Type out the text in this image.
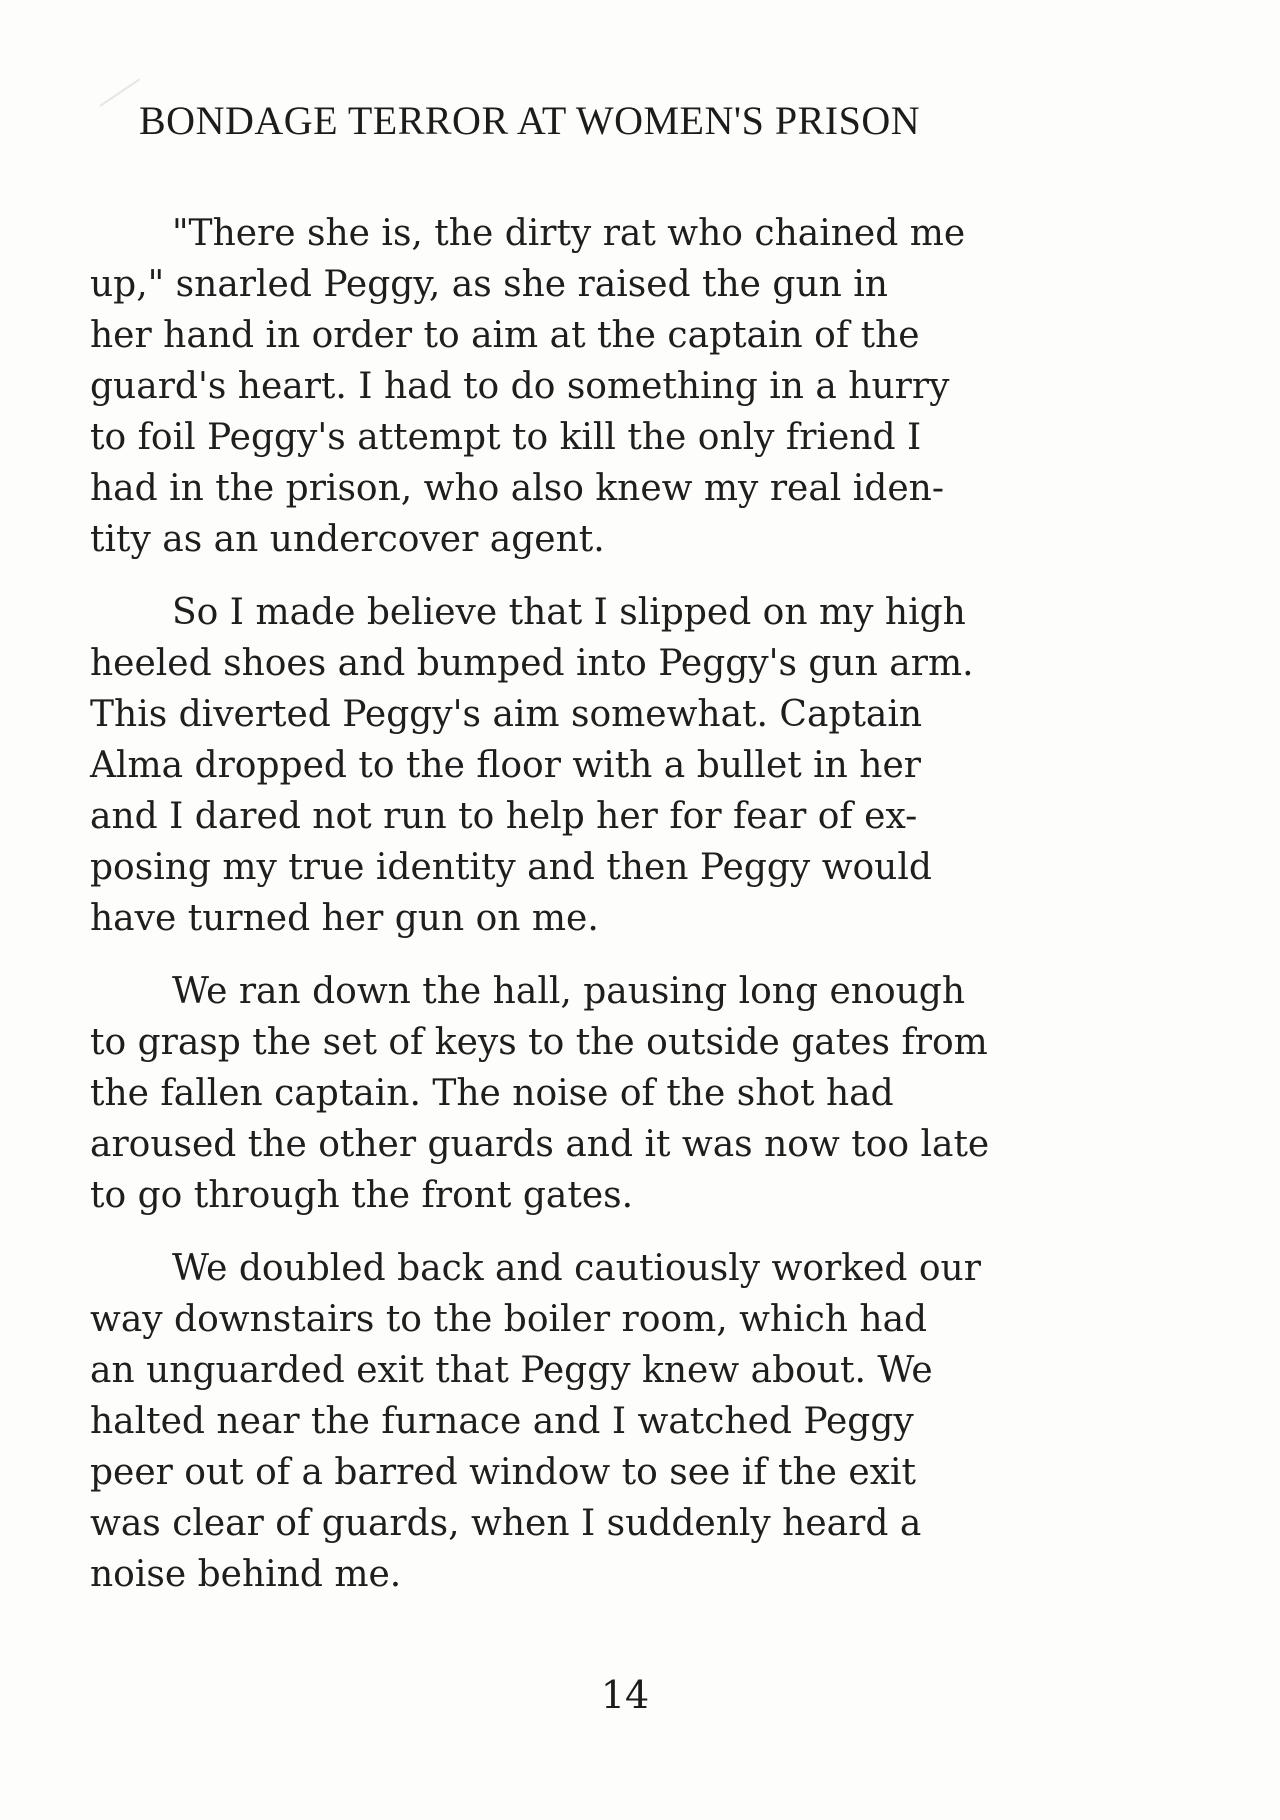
BONDAGE TERROR AT WOMEN'S PRISON
"There she is, the dirty rat who chained me
up," snarled Peggy, as she raised the gun in
her hand in order to aim at the captain of the
guard's heart. I had to do something in a hurry
to foil Peggy's attempt to kill the only friend I
had in the prison, who also knew my real iden-
tity as an undercover agent.
So I made believe that I slipped on my high
heeled shoes and bumped into Peggy's gun arm.
This diverted Peggy's aim somewhat. Captain
Alma dropped to the floor with a bullet in her
and I dared not run to help her for fear of ex-
posing my true identity and then Peggy would
have turned her gun on me.
We ran down the hall, pausing long enough
to grasp the set of keys to the outside gates from
the fallen captain. The noise of the shot had
aroused the other guards and it was now too late
to go through the front gates.
We doubled back and cautiously worked our
way downstairs to the boiler room, which had
an unguarded exit that Peggy knew about. We
halted near the furnace and I watched Peggy
peer out of a barred window to see if the exit
was clear of guards, when I suddenly heard a
noise behind me.
14
